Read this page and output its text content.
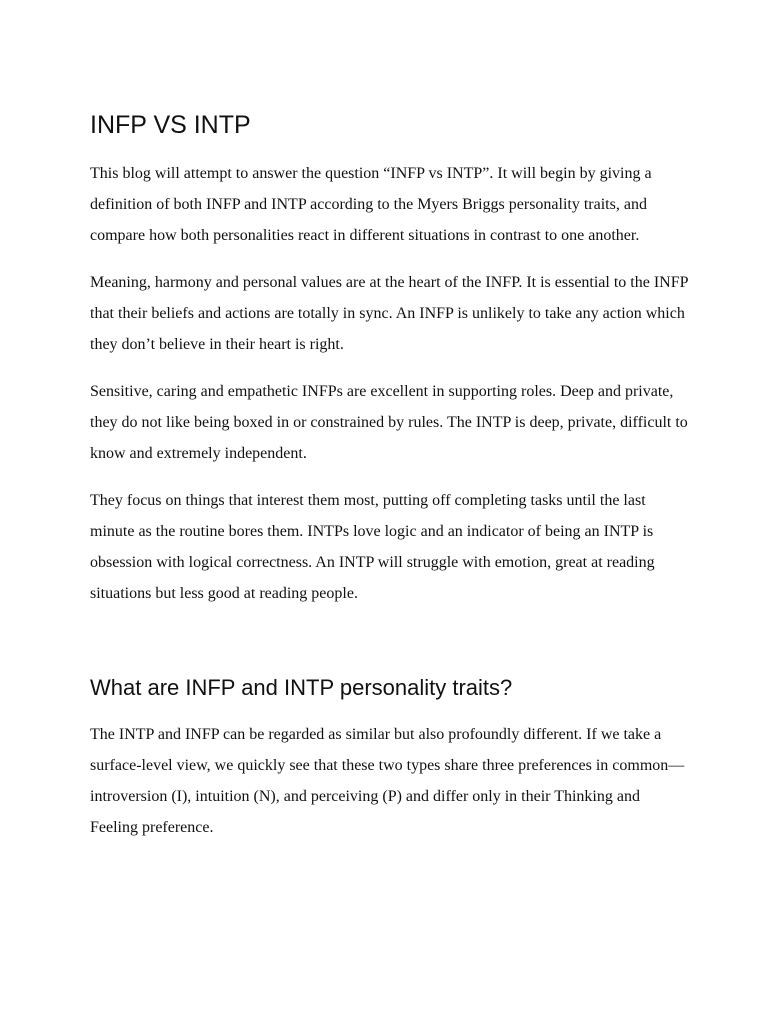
INFP VS INTP

This blog will attempt to answer the question “INFP vs INTP”. It will begin by giving a definition of both INFP and INTP according to the Myers Briggs personality traits, and compare how both personalities react in different situations in contrast to one another.

Meaning, harmony and personal values are at the heart of the INFP. It is essential to the INFP that their beliefs and actions are totally in sync. An INFP is unlikely to take any action which they don’t believe in their heart is right.

Sensitive, caring and empathetic INFPs are excellent in supporting roles. Deep and private, they do not like being boxed in or constrained by rules. The INTP is deep, private, difficult to know and extremely independent.

They focus on things that interest them most, putting off completing tasks until the last minute as the routine bores them. INTPs love logic and an indicator of being an INTP is obsession with logical correctness. An INTP will struggle with emotion, great at reading situations but less good at reading people.

What are INFP and INTP personality traits?

The INTP and INFP can be regarded as similar but also profoundly different. If we take a surface-level view, we quickly see that these two types share three preferences in common—introversion (I), intuition (N), and perceiving (P) and differ only in their Thinking and Feeling preference.
